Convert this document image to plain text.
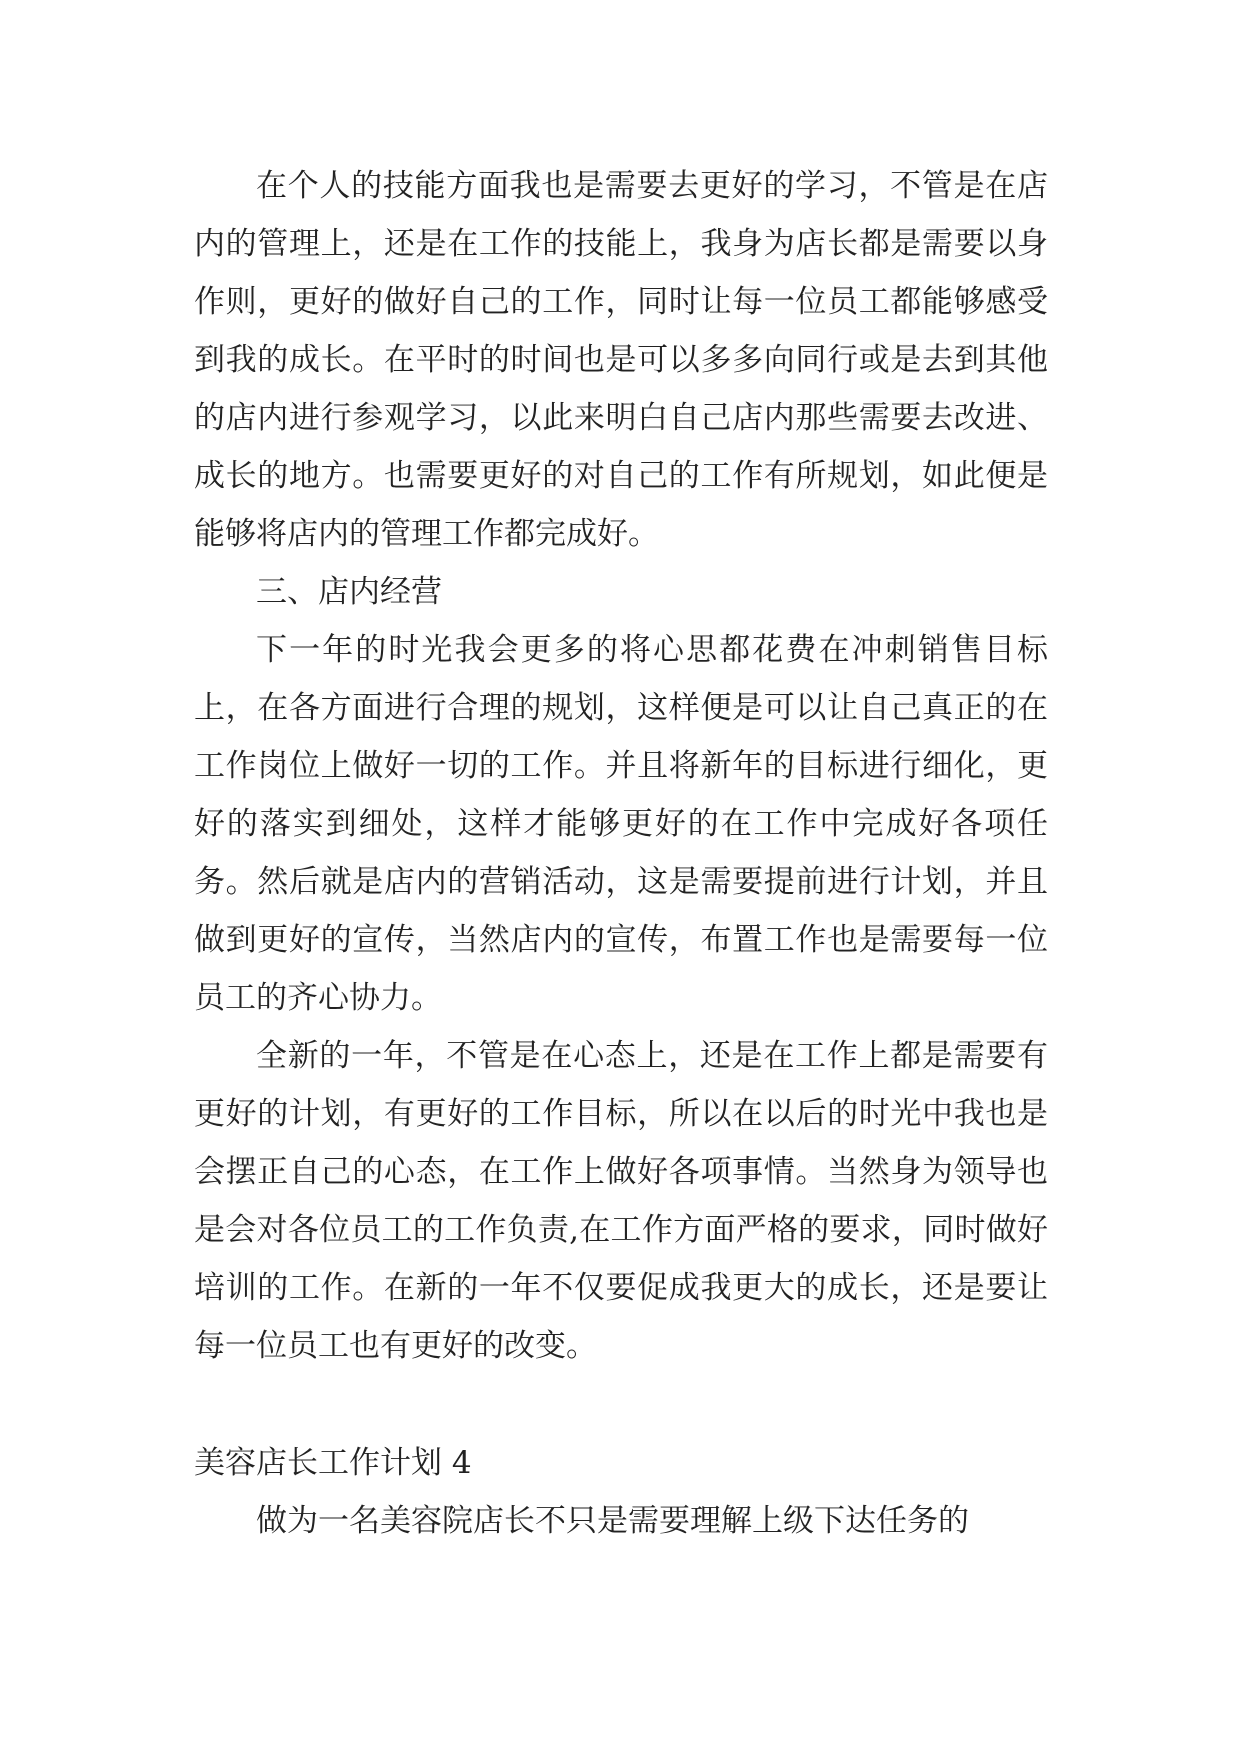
在个人的技能方面我也是需要去更好的学习，不管是在店内的管理上，还是在工作的技能上，我身为店长都是需要以身作则，更好的做好自己的工作，同时让每一位员工都能够感受到我的成长。在平时的时间也是可以多多向同行或是去到其他的店内进行参观学习，以此来明白自己店内那些需要去改进、成长的地方。也需要更好的对自己的工作有所规划，如此便是能够将店内的管理工作都完成好。

三、店内经营

下一年的时光我会更多的将心思都花费在冲刺销售目标上，在各方面进行合理的规划，这样便是可以让自己真正的在工作岗位上做好一切的工作。并且将新年的目标进行细化，更好的落实到细处，这样才能够更好的在工作中完成好各项任务。然后就是店内的营销活动，这是需要提前进行计划，并且做到更好的宣传，当然店内的宣传，布置工作也是需要每一位员工的齐心协力。

全新的一年，不管是在心态上，还是在工作上都是需要有更好的计划，有更好的工作目标，所以在以后的时光中我也是会摆正自己的心态，在工作上做好各项事情。当然身为领导也是会对各位员工的工作负责,在工作方面严格的要求，同时做好培训的工作。在新的一年不仅要促成我更大的成长，还是要让每一位员工也有更好的改变。

美容店长工作计划 4

做为一名美容院店长不只是需要理解上级下达任务的
